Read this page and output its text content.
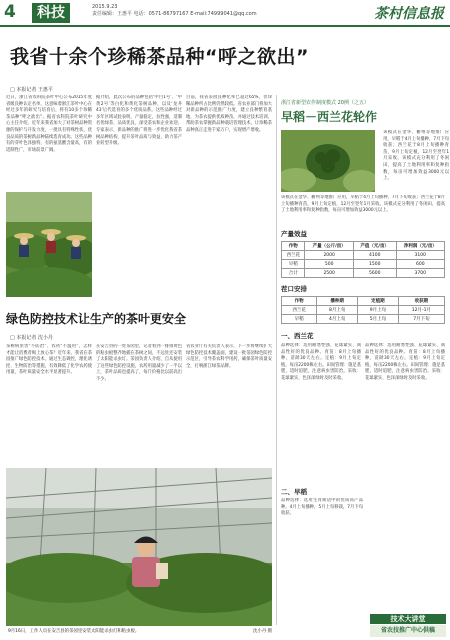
4	科技	2015.9.23
责任编辑：王惠平 电话：0571-86797167 E-mail:74999041@qq.com	茶村信息报
我省十余个珍稀茶品种“呼之欲出”
□ 本报记者 王惠平
近日，浙江省农科院茶叶中心公布2015年度省级良种认定名单，这意味着浙江茶叶中心在经过多年的研究与培育后，将有10多个珍稀茶品种“呼之欲出”。据省农科院茶叶研究中心主任介绍，近年来我省加大了对茶树品种资源的保护与开发力度，一批具有特殊性状、优良品质的茶树新品种陆续选育成功。这些品种有的芽叶色泽独特，有的氨基酸含量高，有的适制性广，市场前景广阔。
据介绍，此次公布的品种包括‘中白1号’、‘中黄2号’等白化和黄化茶树品种，以及‘龙井43’后代选育的多个优质品系。这些品种经过多年区域试验表明，产量稳定，抗性强，适制名优绿茶，品质优良，深受茶农和企业欢迎。专家表示，新品种的推广将进一步优化我省茶树品种结构，提升茶叶品质与效益，助力茶产业转型升级。
目前，我省茶园良种化率已超过65%，但珍稀品种所占比例仍然较低。省农业部门将加大对新品种的示范推广力度，建立良种繁育基地，为茶农提供优质种苗，并通过技术培训，帮助茶农掌握新品种栽培管理技术，让珍稀茶品种真正走进千家万户，实现增产增收。
浙江省新型农作制度模式 20例（之五）
早稻－西兰花轮作
该模式在金华、衢州等地推广应用，早稻于4月上旬播种，7月下旬收获；西兰花于8月上旬播种育苗，9月上旬定植，12月至翌年1月采收。该模式充分利用了冬闲田，提高了土地利用率和复种指数，每亩可增加效益3000元以上。
该模式在金华、衢州等地推广应用，早稻于4月上旬播种，7月下旬收获；西兰花于8月上旬播种育苗，9月上旬定植，12月至翌年1月采收。该模式充分利用了冬闲田，提高了土地利用率和复种指数，每亩可增加效益3000元以上。
产量效益
作物	产量（公斤/亩）	产值（元/亩）	净利润（元/亩）
西兰花	2000	4100	3100
早稻	500	1500	600
合计	2500	5600	3700
茬口安排
作物	播种期	定植期	收获期
西兰花	8月上旬	9月上旬	12月-1月
早稻	4月上旬	5月上旬	7月下旬
一、西兰花
品种选择：选用耐寒性强、花球紧实、商品性好的优良品种。育苗：8月上旬播种，苗龄30天左右。定植：9月上旬定植，每亩2200株左右。田间管理：施足基肥，适时追肥，注意病虫害防治。采收：花球紧实、色泽深绿时及时采收。
品种选择：选用耐寒性强、花球紧实、商品性好的优良品种。育苗：8月上旬播种，苗龄30天左右。定植：9月上旬定植，每亩2200株左右。田间管理：施足基肥，适时追肥，注意病虫害防治。采收：花球紧实、色泽深绿时及时采收。
二、早稻
品种选择：选用生育期适中的优质高产品种。4月上旬播种，5月上旬移栽，7月下旬收获。
技术大讲堂
省农技推广中心供稿
绿色防控技术让生产的茶叶更安全
□ 本报记者 沈小丹
茶树病虫害“不防治”、农药“不滥用”，怎样才能让消费者喝上放心茶？近年来，我省在茶园推广绿色防控技术，通过生态调控、理化诱控、生物防治等措施，有效降低了化学农药使用量，茶叶质量安全水平显著提升。
在安吉县的一处茶园里，记者看到一排排黄色的粘虫板整齐地插在茶树之间，不远处还安装了太阳能杀虫灯。茶园负责人介绍，自从使用了这些绿色防控设施，农药用量减少了一半以上，茶叶品质也提高了，每斤价格比以前高出不少。
省农业厅有关负责人表示，下一步将继续扩大绿色防控技术覆盖面，建设一批茶园绿色防控示范区，引导茶农科学用药，确保茶叶质量安全，打响浙江绿茶品牌。
9月16日，工作人员在安吉县的茶园里安装太阳能杀虫灯和粘虫板。	沈小丹 摄
